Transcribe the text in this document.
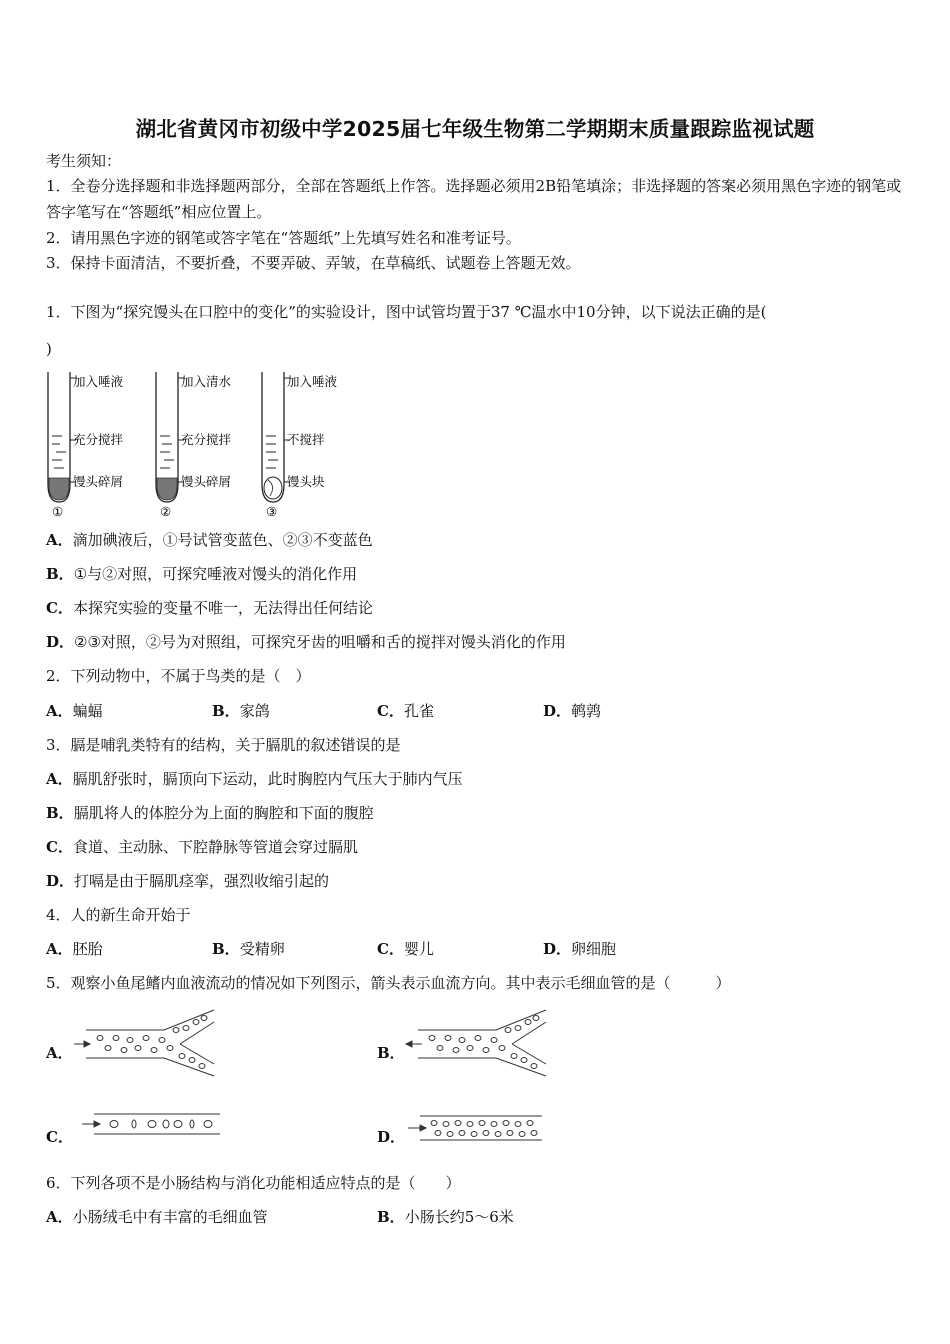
湖北省黄冈市初级中学2025届七年级生物第二学期期末质量跟踪监视试题
考生须知：
1．全卷分选择题和非选择题两部分，全部在答题纸上作答。选择题必须用2B铅笔填涂；非选择题的答案必须用黑色字迹的钢笔或答字笔写在“答题纸”相应位置上。
2．请用黑色字迹的钢笔或答字笔在“答题纸”上先填写姓名和准考证号。
3．保持卡面清洁，不要折叠，不要弄破、弄皱，在草稿纸、试题卷上答题无效。
1．下图为“探究馒头在口腔中的变化”的实验设计，图中试管均置于37 ℃温水中10分钟，以下说法正确的是(
)
加入唾液
充分搅拌
馒头碎屑
①
加入清水
充分搅拌
馒头碎屑
②
加入唾液
不搅拌
馒头块
③
A．滴加碘液后，①号试管变蓝色、②③不变蓝色
B．①与②对照，可探究唾液对馒头的消化作用
C．本探究实验的变量不唯一，无法得出任何结论
D．②③对照，②号为对照组，可探究牙齿的咀嚼和舌的搅拌对馒头消化的作用
2．下列动物中，不属于鸟类的是（　）
A．蝙蝠	B．家鸽	C．孔雀	D．鹌鹑
3．膈是哺乳类特有的结构，关于膈肌的叙述错误的是
A．膈肌舒张时，膈顶向下运动，此时胸腔内气压大于肺内气压
B．膈肌将人的体腔分为上面的胸腔和下面的腹腔
C．食道、主动脉、下腔静脉等管道会穿过膈肌
D．打嗝是由于膈肌痉挛，强烈收缩引起的
4．人的新生命开始于
A．胚胎	B．受精卵	C．婴儿	D．卵细胞
5．观察小鱼尾鳍内血液流动的情况如下列图示，箭头表示血流方向。其中表示毛细血管的是（　　　）
A．	B．
C．	D．
6．下列各项不是小肠结构与消化功能相适应特点的是（　　）
A．小肠绒毛中有丰富的毛细血管	B．小肠长约5～6米
